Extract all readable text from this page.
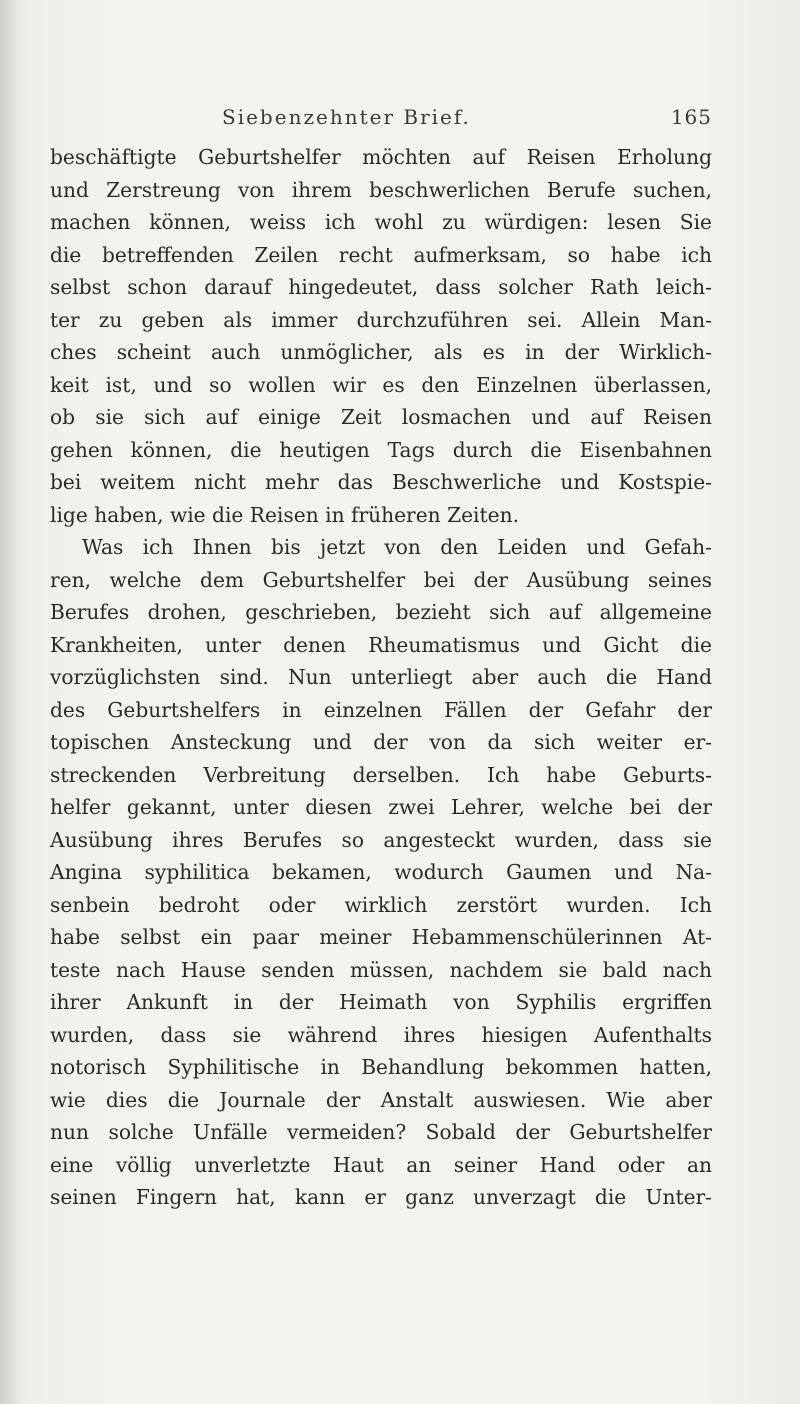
Siebenzehnter Brief.	165
beschäftigte Geburtshelfer möchten auf Reisen Erholung
und Zerstreung von ihrem beschwerlichen Berufe suchen,
machen können, weiss ich wohl zu würdigen: lesen Sie
die betreffenden Zeilen recht aufmerksam, so habe ich
selbst schon darauf hingedeutet, dass solcher Rath leich-
ter zu geben als immer durchzuführen sei. Allein Man-
ches scheint auch unmöglicher, als es in der Wirklich-
keit ist, und so wollen wir es den Einzelnen überlassen,
ob sie sich auf einige Zeit losmachen und auf Reisen
gehen können, die heutigen Tags durch die Eisenbahnen
bei weitem nicht mehr das Beschwerliche und Kostspie-
lige haben, wie die Reisen in früheren Zeiten.
Was ich Ihnen bis jetzt von den Leiden und Gefah-
ren, welche dem Geburtshelfer bei der Ausübung seines
Berufes drohen, geschrieben, bezieht sich auf allgemeine
Krankheiten, unter denen Rheumatismus und Gicht die
vorzüglichsten sind. Nun unterliegt aber auch die Hand
des Geburtshelfers in einzelnen Fällen der Gefahr der
topischen Ansteckung und der von da sich weiter er-
streckenden Verbreitung derselben. Ich habe Geburts-
helfer gekannt, unter diesen zwei Lehrer, welche bei der
Ausübung ihres Berufes so angesteckt wurden, dass sie
Angina syphilitica bekamen, wodurch Gaumen und Na-
senbein bedroht oder wirklich zerstört wurden. Ich
habe selbst ein paar meiner Hebammenschülerinnen At-
teste nach Hause senden müssen, nachdem sie bald nach
ihrer Ankunft in der Heimath von Syphilis ergriffen
wurden, dass sie während ihres hiesigen Aufenthalts
notorisch Syphilitische in Behandlung bekommen hatten,
wie dies die Journale der Anstalt auswiesen. Wie aber
nun solche Unfälle vermeiden? Sobald der Geburtshelfer
eine völlig unverletzte Haut an seiner Hand oder an
seinen Fingern hat, kann er ganz unverzagt die Unter-
